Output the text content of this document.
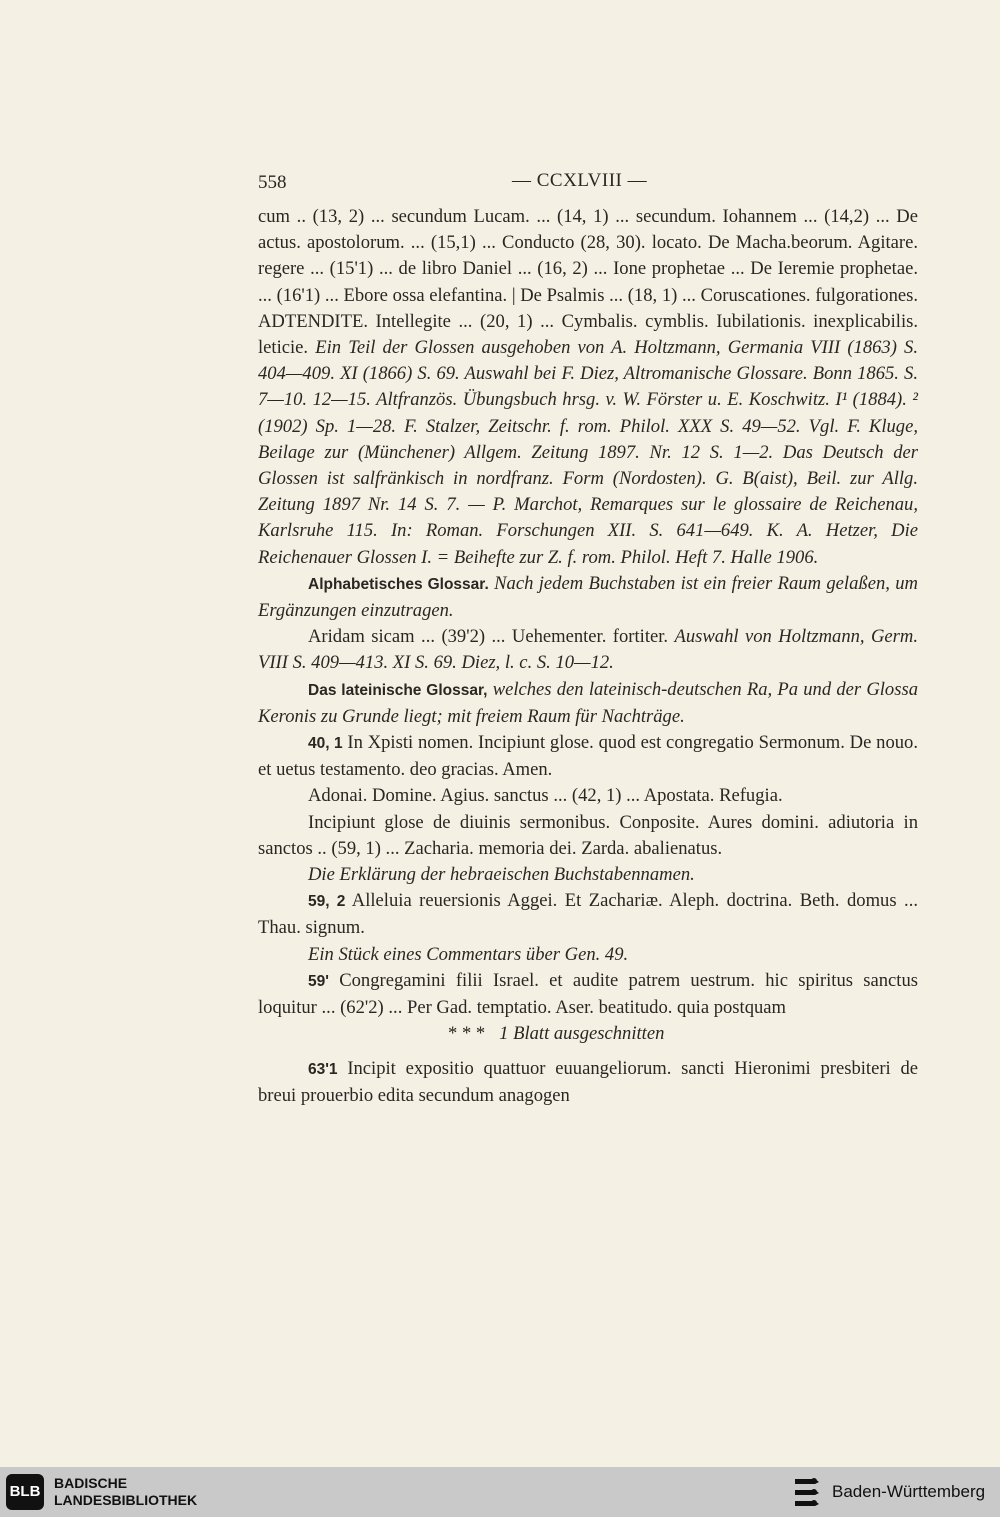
558	— CCXLVIII —

cum .. (13, 2) ... secundum Lucam. ... (14, 1) ... secundum. Iohannem ... (14,2) ... De actus. apostolorum. ... (15,1) ... Conducto (28, 30). locato. De Macha.beorum. Agitare. regere ... (15'1) ... de libro Daniel ... (16, 2) ... Ione prophetae ... De Ieremie prophetae. ... (16'1) ... Ebore ossa elefantina. | De Psalmis ... (18, 1) ... Coruscationes. fulgorationes. ADTENDITE. Intellegite ... (20, 1) ... Cymbalis. cymblis. Iubilationis. inexplicabilis. leticie. Ein Teil der Glossen ausgehoben von A. Holtzmann, Germania VIII (1863) S. 404—409. XI (1866) S. 69. Auswahl bei F. Diez, Altromanische Glossare. Bonn 1865. S. 7—10. 12—15. Altfranzös. Übungsbuch hrsg. v. W. Förster u. E. Koschwitz. I¹ (1884). ² (1902) Sp. 1—28. F. Stalzer, Zeitschr. f. rom. Philol. XXX S. 49—52. Vgl. F. Kluge, Beilage zur (Münchener) Allgem. Zeitung 1897. Nr. 12 S. 1—2. Das Deutsch der Glossen ist salfränkisch in nordfranz. Form (Nordosten). G. B(aist), Beil. zur Allg. Zeitung 1897 Nr. 14 S. 7. — P. Marchot, Remarques sur le glossaire de Reichenau, Karlsruhe 115. In: Roman. Forschungen XII. S. 641—649. K. A. Hetzer, Die Reichenauer Glossen I. = Beihefte zur Z. f. rom. Philol. Heft 7. Halle 1906.

Alphabetisches Glossar. Nach jedem Buchstaben ist ein freier Raum gelaßen, um Ergänzungen einzutragen.

Aridam sicam ... (39'2) ... Uehementer. fortiter. Auswahl von Holtzmann, Germ. VIII S. 409—413. XI S. 69. Diez, l. c. S. 10—12.

Das lateinische Glossar, welches den lateinisch-deutschen Ra, Pa und der Glossa Keronis zu Grunde liegt; mit freiem Raum für Nachträge.

40, 1 In Xpisti nomen. Incipiunt glose. quod est congregatio Sermonum. De nouo. et uetus testamento. deo gracias. Amen.

Adonai. Domine. Agius. sanctus ... (42, 1) ... Apostata. Refugia.

Incipiunt glose de diuinis sermonibus. Conposite. Aures domini. adiutoria in sanctos .. (59, 1) ... Zacharia. memoria dei. Zarda. abalienatus.

Die Erklärung der hebraeischen Buchstabennamen.

59, 2 Alleluia reuersionis Aggei. Et Zachariæ. Aleph. doctrina. Beth. domus ... Thau. signum.

Ein Stück eines Commentars über Gen. 49.

59' Congregamini filii Israel. et audite patrem uestrum. hic spiritus sanctus loquitur ... (62'2) ... Per Gad. temptatio. Aser. beatitudo. quia postquam

* * * 1 Blatt ausgeschnitten

63'1 Incipit expositio quattuor euuangeliorum. sancti Hieronimi presbiteri de breui prouerbio edita secundum anagogen

BLB BADISCHE
LANDESBIBLIOTHEK	Baden-Württemberg
